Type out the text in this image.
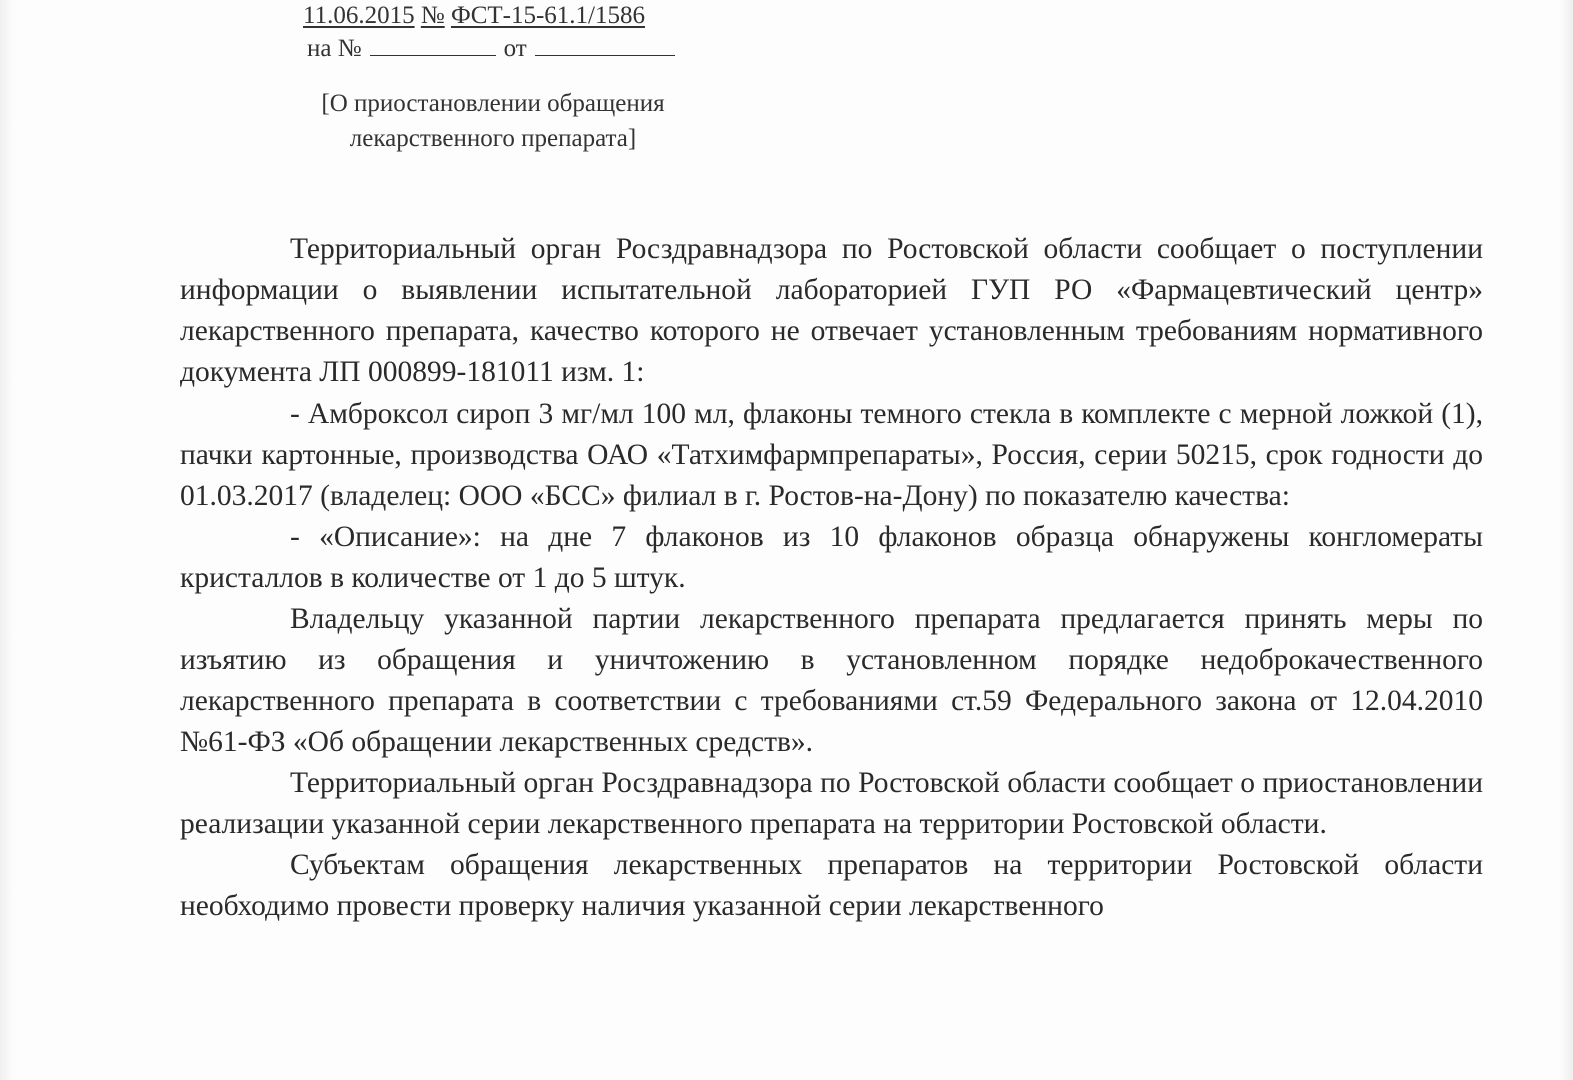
11.06.2015 № ФСТ-15-61.1/1586
на №	от
[О приостановлении обращения
лекарственного препарата]

Территориальный орган Росздравнадзора по Ростовской области сообщает о поступлении информации о выявлении испытательной лабораторией ГУП РО «Фармацевтический центр» лекарственного препарата, качество которого не отвечает установленным требованиям нормативного документа ЛП 000899-181011 изм. 1:

- Амброксол сироп 3 мг/мл 100 мл, флаконы темного стекла в комплекте с мерной ложкой (1), пачки картонные, производства ОАО «Татхимфармпрепараты», Россия, серии 50215, срок годности до 01.03.2017 (владелец: ООО «БСС» филиал в г. Ростов-на-Дону) по показателю качества:

- «Описание»: на дне 7 флаконов из 10 флаконов образца обнаружены конгломераты кристаллов в количестве от 1 до 5 штук.

Владельцу указанной партии лекарственного препарата предлагается принять меры по изъятию из обращения и уничтожению в установленном порядке недоброкачественного лекарственного препарата в соответствии с требованиями ст.59 Федерального закона от 12.04.2010 №61-ФЗ «Об обращении лекарственных средств».

Территориальный орган Росздравнадзора по Ростовской области сообщает о приостановлении реализации указанной серии лекарственного препарата на территории Ростовской области.

Субъектам обращения лекарственных препаратов на территории Ростовской области необходимо провести проверку наличия указанной серии лекарственного
